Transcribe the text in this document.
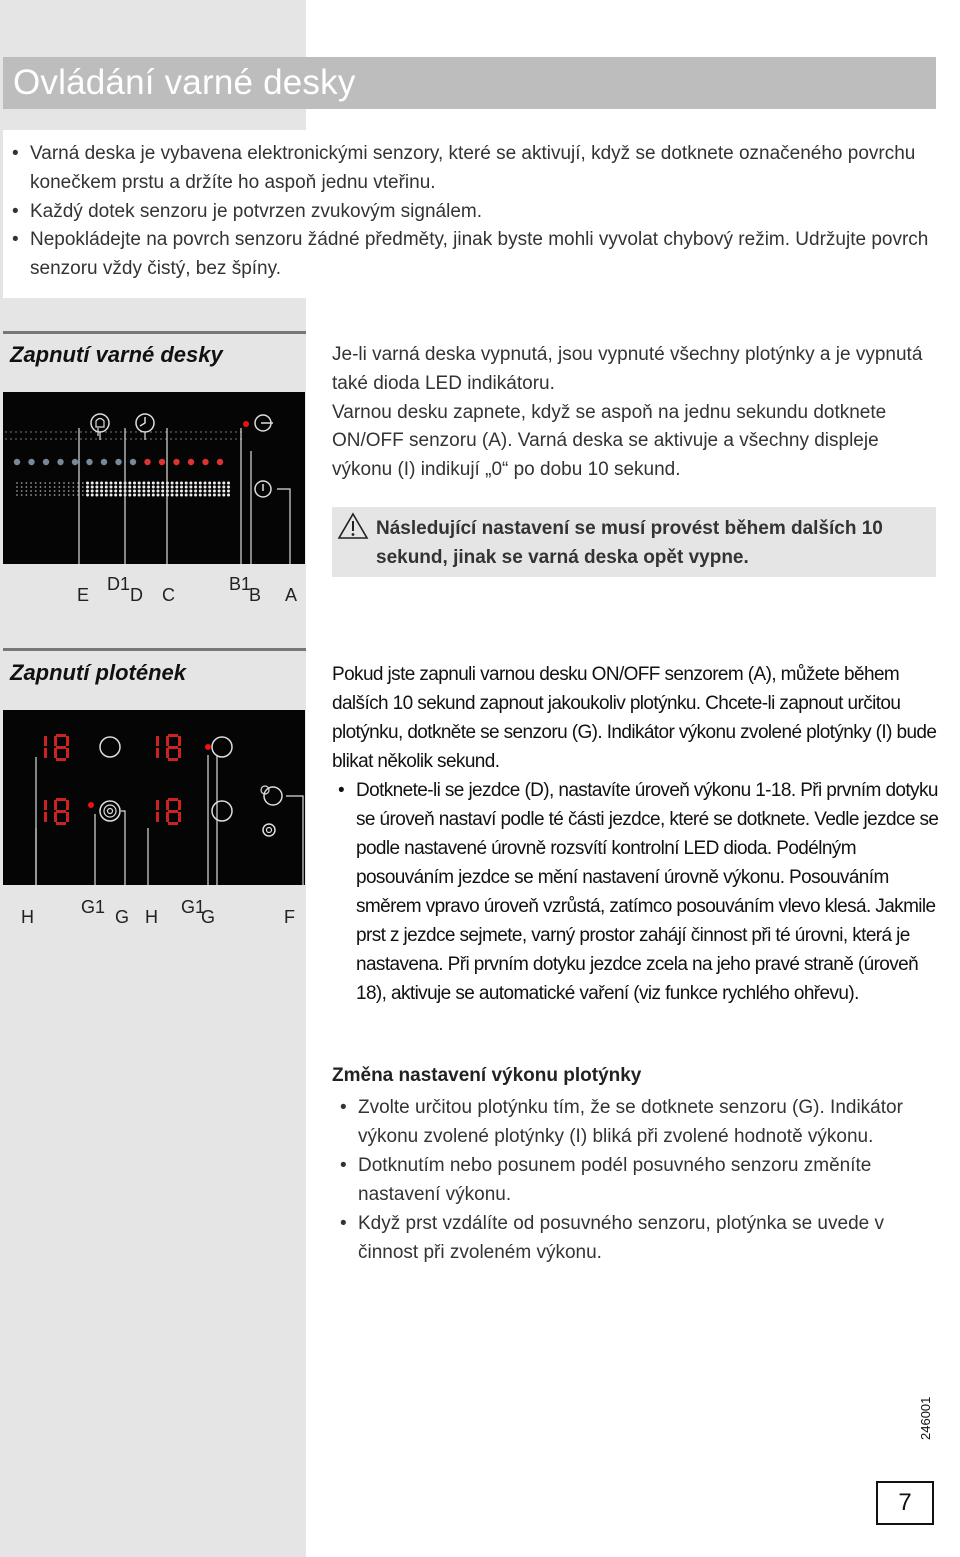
Ovládání varné desky
• Varná deska je vybavena elektronickými senzory, které se aktivují, když se dotknete označeného povrchu konečkem prstu a držíte ho aspoň jednu vteřinu.
• Každý dotek senzoru je potvrzen zvukovým signálem.
• Nepokládejte na povrch senzoru žádné předměty, jinak byste mohli vyvolat chybový režim. Udržujte povrch senzoru vždy čistý, bez špíny.
Zapnutí varné desky
E
D1
D C
B1
B A

Je-li varná deska vypnutá, jsou vypnuté všechny plotýnky a je vypnutá také dioda LED indikátoru.

Varnou desku zapnete, když se aspoň na jednu sekundu dotknete ON/OFF senzoru (A). Varná deska se aktivuje a všechny displeje výkonu (I) indikují „0“ po dobu 10 sekund.

Následující nastavení se musí provést během dalších 10 sekund, jinak se varná deska opět vypne.
Zapnutí plotének
H	G1 G H G1
G	F

Pokud jste zapnuli varnou desku ON/OFF senzorem (A), můžete během dalších 10 sekund zapnout jakoukoliv plotýnku. Chcete-li zapnout určitou plotýnku, dotkněte se senzoru (G). Indikátor výkonu zvolené plotýnky (I) bude blikat několik sekund.

• Dotknete-li se jezdce (D), nastavíte úroveň výkonu 1-18. Při prvním dotyku se úroveň nastaví podle té části jezdce, které se dotknete. Vedle jezdce se podle nastavené úrovně rozsvítí kontrolní LED dioda. Podélným posouváním jezdce se mění nastavení úrovně výkonu. Posouváním směrem vpravo úroveň vzrůstá, zatímco posouváním vlevo klesá. Jakmile prst z jezdce sejmete, varný prostor zahájí činnost při té úrovni, která je nastavena. Při prvním dotyku jezdce zcela na jeho pravé straně (úroveň 18), aktivuje se automatické vaření (viz funkce rychlého ohřevu).
Změna nastavení výkonu plotýnky
• Zvolte určitou plotýnku tím, že se dotknete senzoru (G). Indikátor výkonu zvolené plotýnky (I) bliká při zvolené hodnotě výkonu.
• Dotknutím nebo posunem podél posuvného senzoru změníte nastavení výkonu.
• Když prst vzdálíte od posuvného senzoru, plotýnka se uvede v činnost při zvoleném výkonu.
246001
7
